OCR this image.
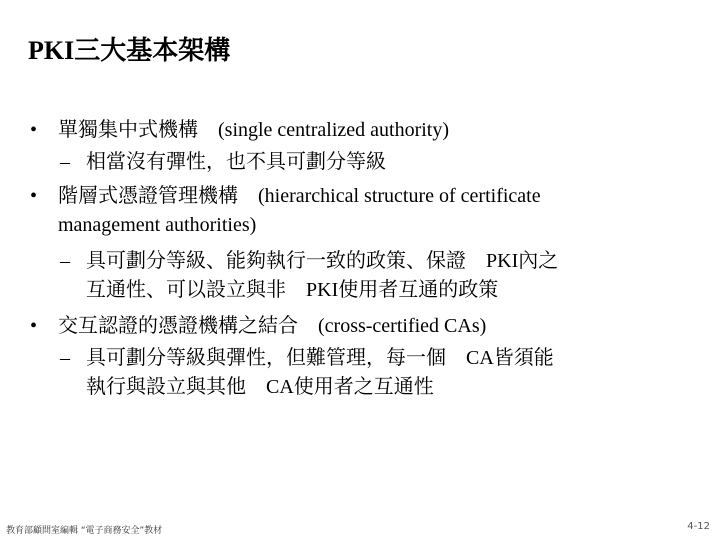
PKI三大基本架構
• 單獨集中式機構　(single centralized authority)
– 相當沒有彈性，也不具可劃分等級
• 階層式憑證管理機構　(hierarchical structure of certificate
management authorities)
– 具可劃分等級、能夠執行一致的政策、保證　PKI內之
互通性、可以設立與非　PKI使用者互通的政策
• 交互認證的憑證機構之結合　(cross-certified CAs)
– 具可劃分等級與彈性，但難管理，每一個　CA皆須能
執行與設立與其他　CA使用者之互通性
教育部顧問室編輯 “電子商務安全”教材	4-12
